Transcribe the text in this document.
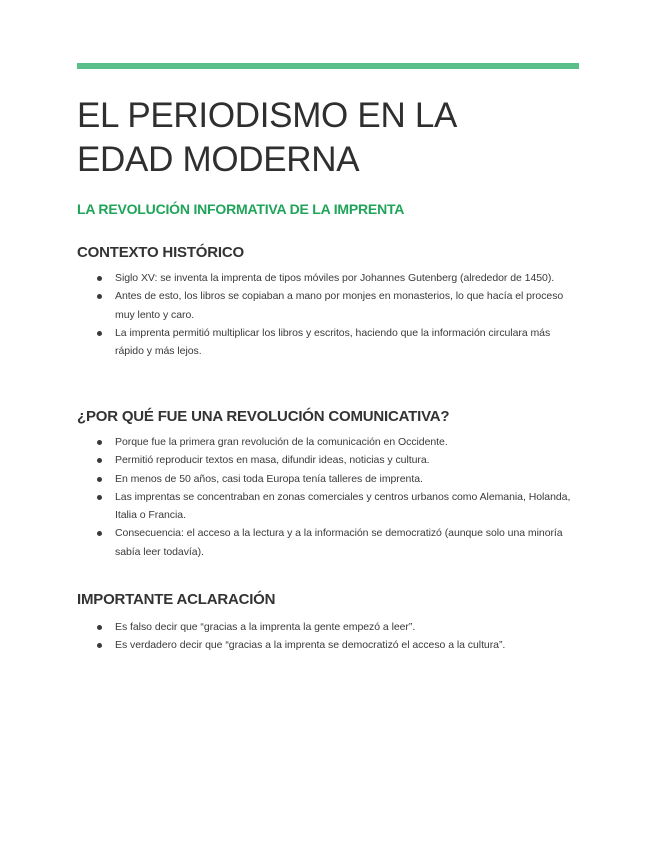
EL PERIODISMO EN LA
EDAD MODERNA
LA REVOLUCIÓN INFORMATIVA DE LA IMPRENTA
CONTEXTO HISTÓRICO
Siglo XV: se inventa la imprenta de tipos móviles por Johannes Gutenberg (alrededor de 1450).
Antes de esto, los libros se copiaban a mano por monjes en monasterios, lo que hacía el proceso muy lento y caro.
La imprenta permitió multiplicar los libros y escritos, haciendo que la información circulara más rápido y más lejos.
¿POR QUÉ FUE UNA REVOLUCIÓN COMUNICATIVA?
Porque fue la primera gran revolución de la comunicación en Occidente.
Permitió reproducir textos en masa, difundir ideas, noticias y cultura.
En menos de 50 años, casi toda Europa tenía talleres de imprenta.
Las imprentas se concentraban en zonas comerciales y centros urbanos como Alemania, Holanda, Italia o Francia.
Consecuencia: el acceso a la lectura y a la información se democratizó (aunque solo una minoría sabía leer todavía).
IMPORTANTE ACLARACIÓN
Es falso decir que “gracias a la imprenta la gente empezó a leer”.
Es verdadero decir que “gracias a la imprenta se democratizó el acceso a la cultura”.
